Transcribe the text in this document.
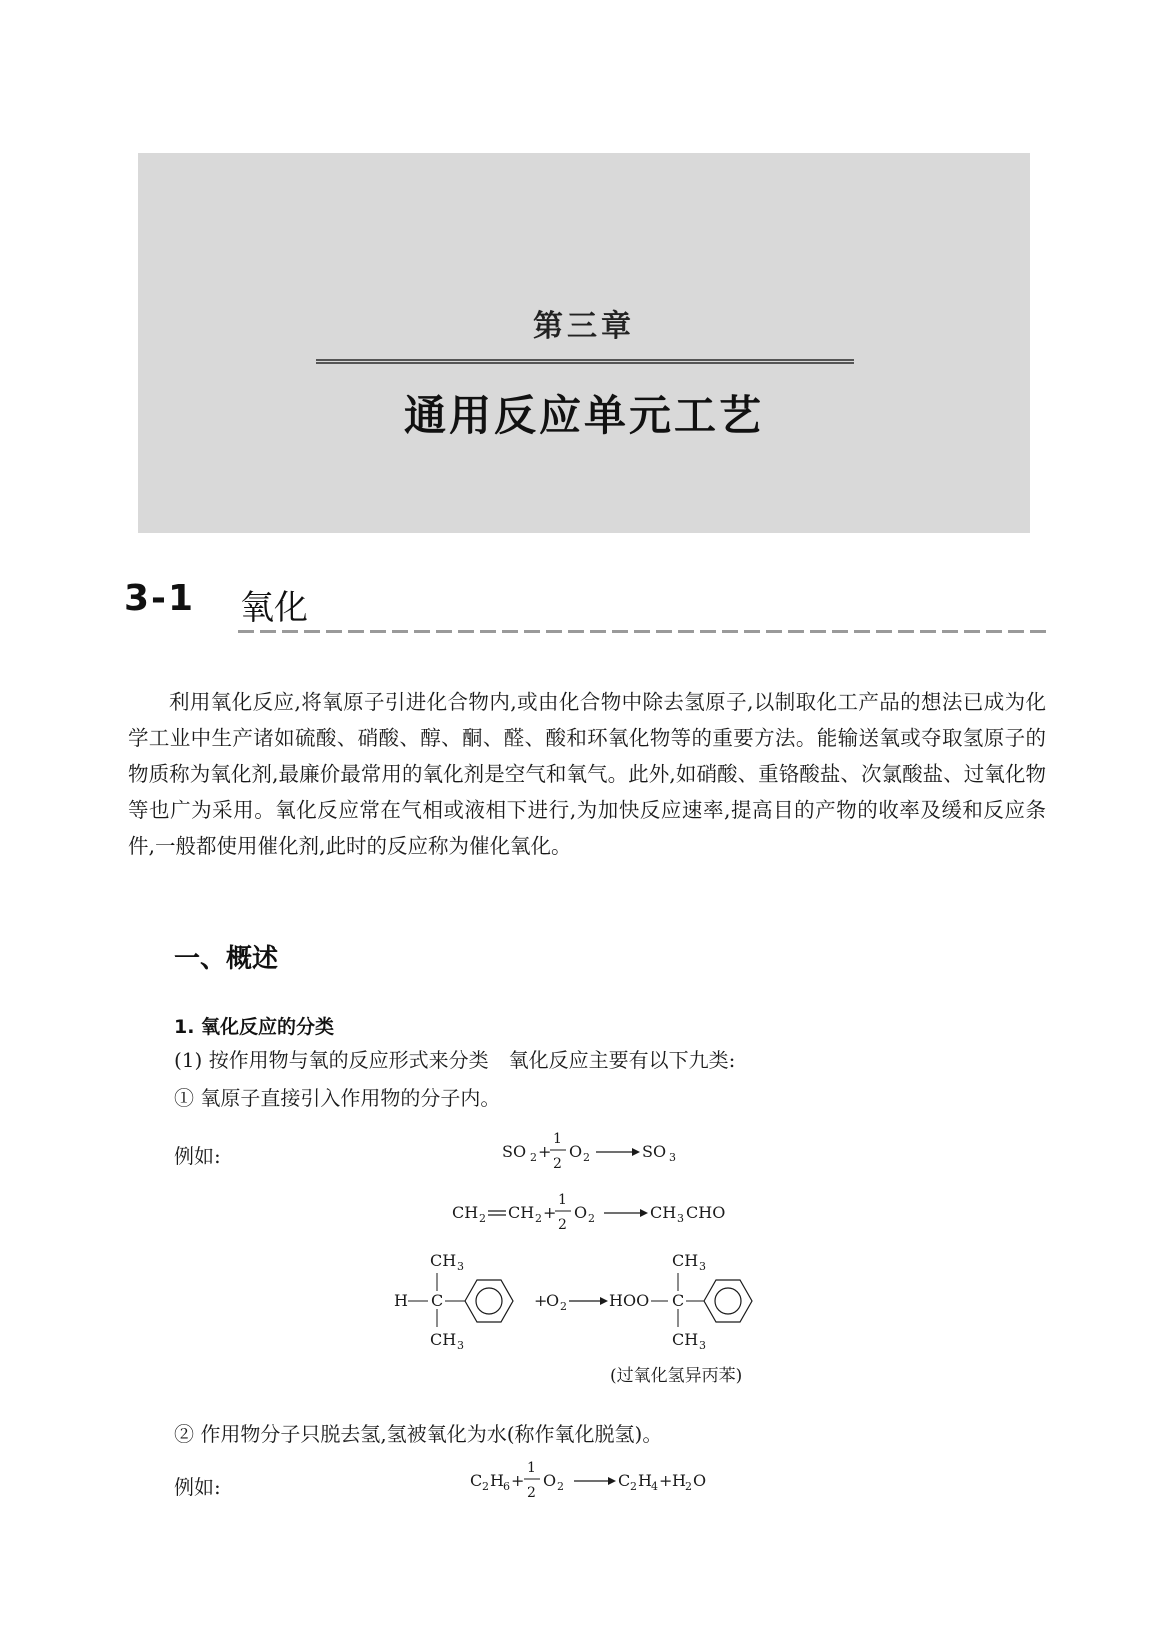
第三章
通用反应单元工艺
3-1 氧化

利用氧化反应,将氧原子引进化合物内,或由化合物中除去氢原子,以制取化工产品的想法已成为化学工业中生产诸如硫酸、硝酸、醇、酮、醛、酸和环氧化物等的重要方法。能输送氧或夺取氢原子的物质称为氧化剂,最廉价最常用的氧化剂是空气和氧气。此外,如硝酸、重铬酸盐、次氯酸盐、过氧化物等也广为采用。氧化反应常在气相或液相下进行,为加快反应速率,提高目的产物的收率及缓和反应条件,一般都使用催化剂,此时的反应称为催化氧化。

一、概述
1. 氧化反应的分类
(1) 按作用物与氧的反应形式来分类　氧化反应主要有以下九类:
① 氧原子直接引入作用物的分子内。
例如:	SO 2 +
1
2
O 2	SO 3
CH 2 CH 2 +
1
2
O 2	CH 3 CHO
CH 3
H C
CH 3
+
O 2	HOO
CH 3
C
CH 3
(过氧化氢异丙苯)
C 2 H 6 +
1
2
O 2	C 2 H 4 + H 2 O
② 作用物分子只脱去氢,氢被氧化为水(称作氧化脱氢)。
例如:
